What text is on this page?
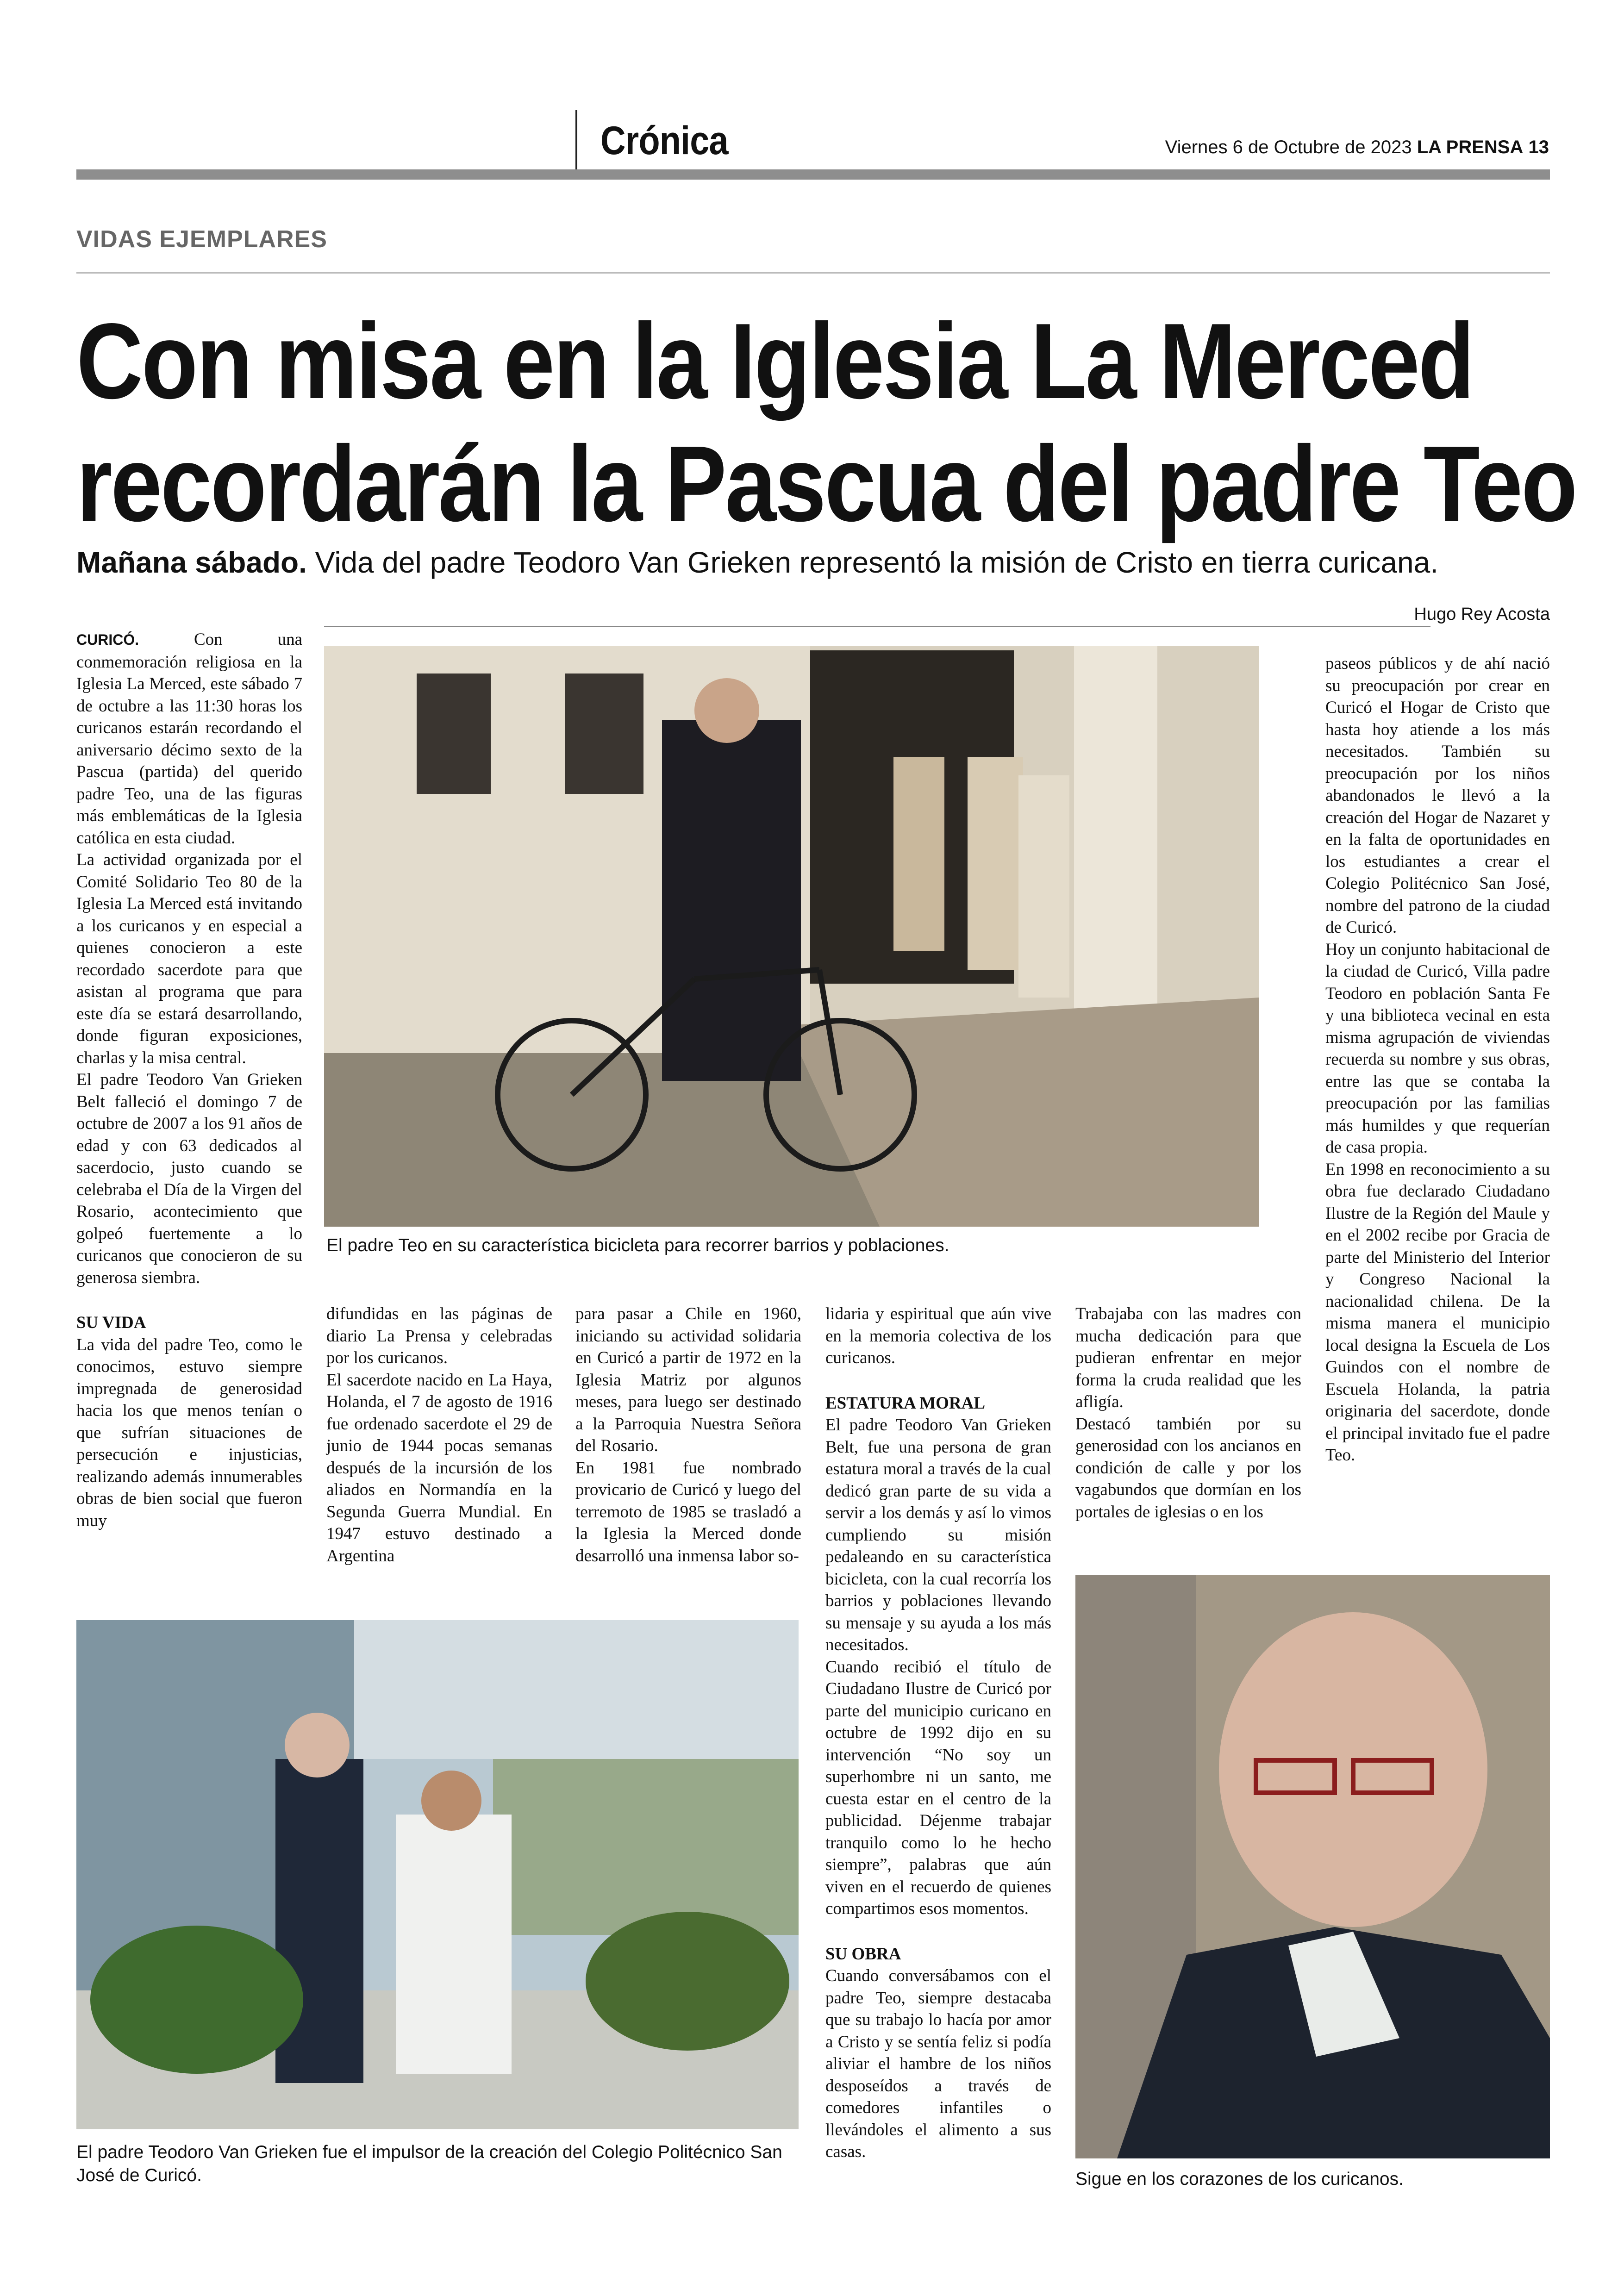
Crónica	Viernes 6 de Octubre de 2023 LA PRENSA 13
VIDAS EJEMPLARES
Con misa en la Iglesia La Merced
recordarán la Pascua del padre Teo
Mañana sábado. Vida del padre Teodoro Van Grieken representó la misión de Cristo en tierra curicana.
Hugo Rey Acosta
El padre Teo en su característica bicicleta para recorrer barrios y poblaciones.

CURICÓ.	Con una conmemoración religiosa en la Iglesia La Merced, este sábado 7 de octubre a las 11:30 horas los curicanos estarán recordando el aniversario décimo sexto de la Pascua (partida) del querido padre Teo, una de las figuras más emblemáticas de la Iglesia católica en esta ciudad.

La actividad organizada por el Comité Solidario Teo 80 de la Iglesia La Merced está invitando a los curicanos y en especial a quienes conocieron a este recordado sacerdote para que asistan al programa que para este día se estará desarrollando, donde figuran exposiciones, charlas y la misa central.

El padre Teodoro Van Grieken Belt falleció el domingo 7 de octubre de 2007 a los 91 años de edad y con 63 dedicados al sacerdocio, justo cuando se celebraba el Día de la Virgen del Rosario, acontecimiento que golpeó fuertemente a lo curicanos que conocieron de su generosa siembra.

SU VIDA

La vida del padre Teo, como le conocimos, estuvo siempre impregnada de generosidad hacia los que menos tenían o que sufrían situaciones de persecución e injusticias, realizando además innumerables obras de bien social que fueron muy

difundidas en las páginas de diario La Prensa y celebradas por los curicanos.

El sacerdote nacido en La Haya, Holanda, el 7 de agosto de 1916 fue ordenado sacerdote el 29 de junio de 1944 pocas semanas después de la incursión de los aliados en Normandía en la Segunda Guerra Mundial. En 1947 estuvo destinado a Argentina

para pasar a Chile en 1960, iniciando su actividad solidaria en Curicó a partir de 1972 en la Iglesia Matriz por algunos meses, para luego ser destinado a la Parroquia Nuestra Señora del Rosario.

En 1981 fue nombrado provicario de Curicó y luego del terremoto de 1985 se trasladó a la Iglesia la Merced donde desarrolló una inmensa labor so-

lidaria y espiritual que aún vive en la memoria colectiva de los curicanos.

ESTATURA MORAL

El padre Teodoro Van Grieken Belt, fue una persona de gran estatura moral a través de la cual dedicó gran parte de su vida a servir a los demás y así lo vimos cumpliendo su misión pedaleando en su característica bicicleta, con la cual recorría los barrios y poblaciones llevando su mensaje y su ayuda a los más necesitados.

Cuando recibió el título de Ciudadano Ilustre de Curicó por parte del municipio curicano en octubre de 1992 dijo en su intervención “No soy un superhombre ni un santo, me cuesta estar en el centro de la publicidad. Déjenme trabajar tranquilo como lo he hecho siempre”, palabras que aún viven en el recuerdo de quienes compartimos esos momentos.

SU OBRA

Cuando conversábamos con el padre Teo, siempre destacaba que su trabajo lo hacía por amor a Cristo y se sentía feliz si podía aliviar el hambre de los niños desposeídos a través de comedores infantiles o llevándoles el alimento a sus casas.

Trabajaba con las madres con mucha dedicación para que pudieran enfrentar en mejor forma la cruda realidad que les afligía.

Destacó también por su generosidad con los ancianos en condición de calle y por los vagabundos que dormían en los portales de iglesias o en los

paseos públicos y de ahí nació su preocupación por crear en Curicó el Hogar de Cristo que hasta hoy atiende a los más necesitados. También su preocupación por los niños abandonados le llevó a la creación del Hogar de Nazaret y en la falta de oportunidades en los estudiantes a crear el Colegio Politécnico San José, nombre del patrono de la ciudad de Curicó.

Hoy un conjunto habitacional de la ciudad de Curicó, Villa padre Teodoro en población Santa Fe y una biblioteca vecinal en esta misma agrupación de viviendas recuerda su nombre y sus obras, entre las que se contaba la preocupación por las familias más humildes y que requerían de casa propia.

En 1998 en reconocimiento a su obra fue declarado Ciudadano Ilustre de la Región del Maule y en el 2002 recibe por Gracia de parte del Ministerio del Interior y Congreso Nacional la nacionalidad chilena. De la misma manera el municipio local designa la Escuela de Los Guindos con el nombre de Escuela Holanda, la patria originaria del sacerdote, donde el principal invitado fue el padre Teo.

El padre Teodoro Van Grieken fue el impulsor de la creación del Colegio Politécnico San José de Curicó.	Sigue en los corazones de los curicanos.
